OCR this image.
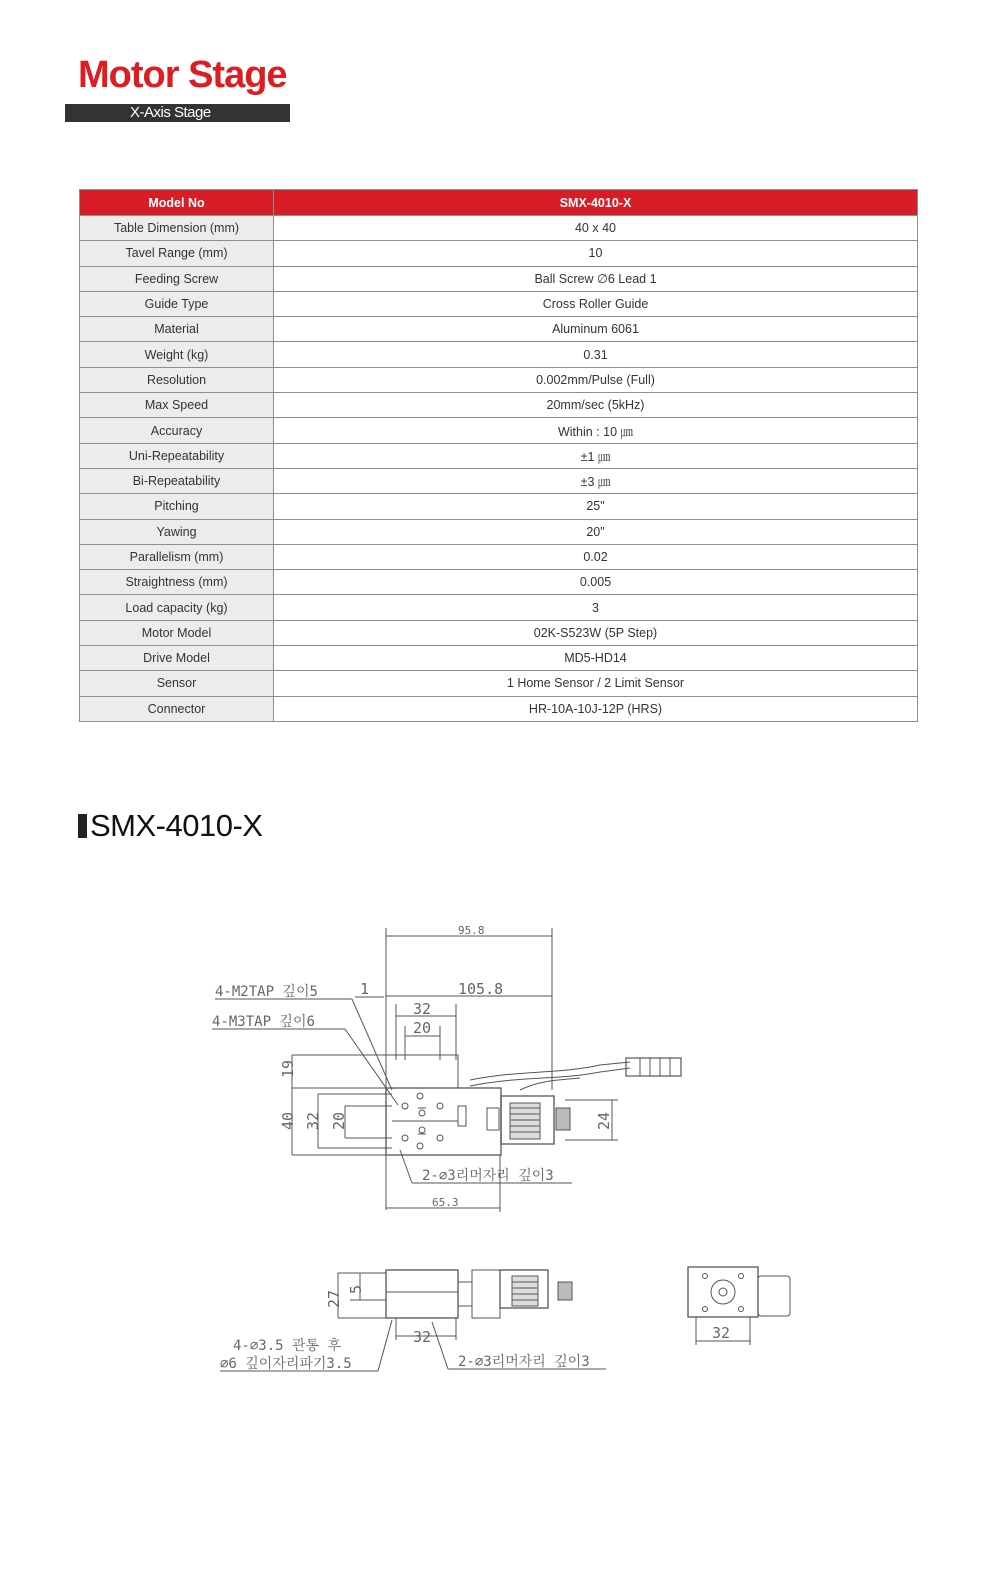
Motor Stage
X-Axis Stage
Model No	SMX-4010-X
Table Dimension (mm)	40 x 40
Tavel Range (mm)	10
Feeding Screw	Ball Screw ∅6 Lead 1
Guide Type	Cross Roller Guide
Material	Aluminum 6061
Weight (kg)	0.31
Resolution	0.002mm/Pulse (Full)
Max Speed	20mm/sec (5kHz)
Accuracy	Within : 10 ㎛
Uni-Repeatability	±1 ㎛
Bi-Repeatability	±3 ㎛
Pitching	25"
Yawing	20"
Parallelism (mm)	0.02
Straightness (mm)	0.005
Load capacity (kg)	3
Motor Model	02K-S523W (5P Step)
Drive Model	MD5-HD14
Sensor	1 Home Sensor / 2 Limit Sensor
Connector	HR-10A-10J-12P (HRS)
SMX-4010-X
95.8
105.8
1
32
20
4-M2TAP 깊이5
4-M3TAP 깊이6
19
40 32 20	24
2-∅3리머자리 깊이3
65.3
27
5
32
4-∅3.5 관통 후
∅6 깊이자리파기3.5	2-∅3리머자리 깊이3
32
